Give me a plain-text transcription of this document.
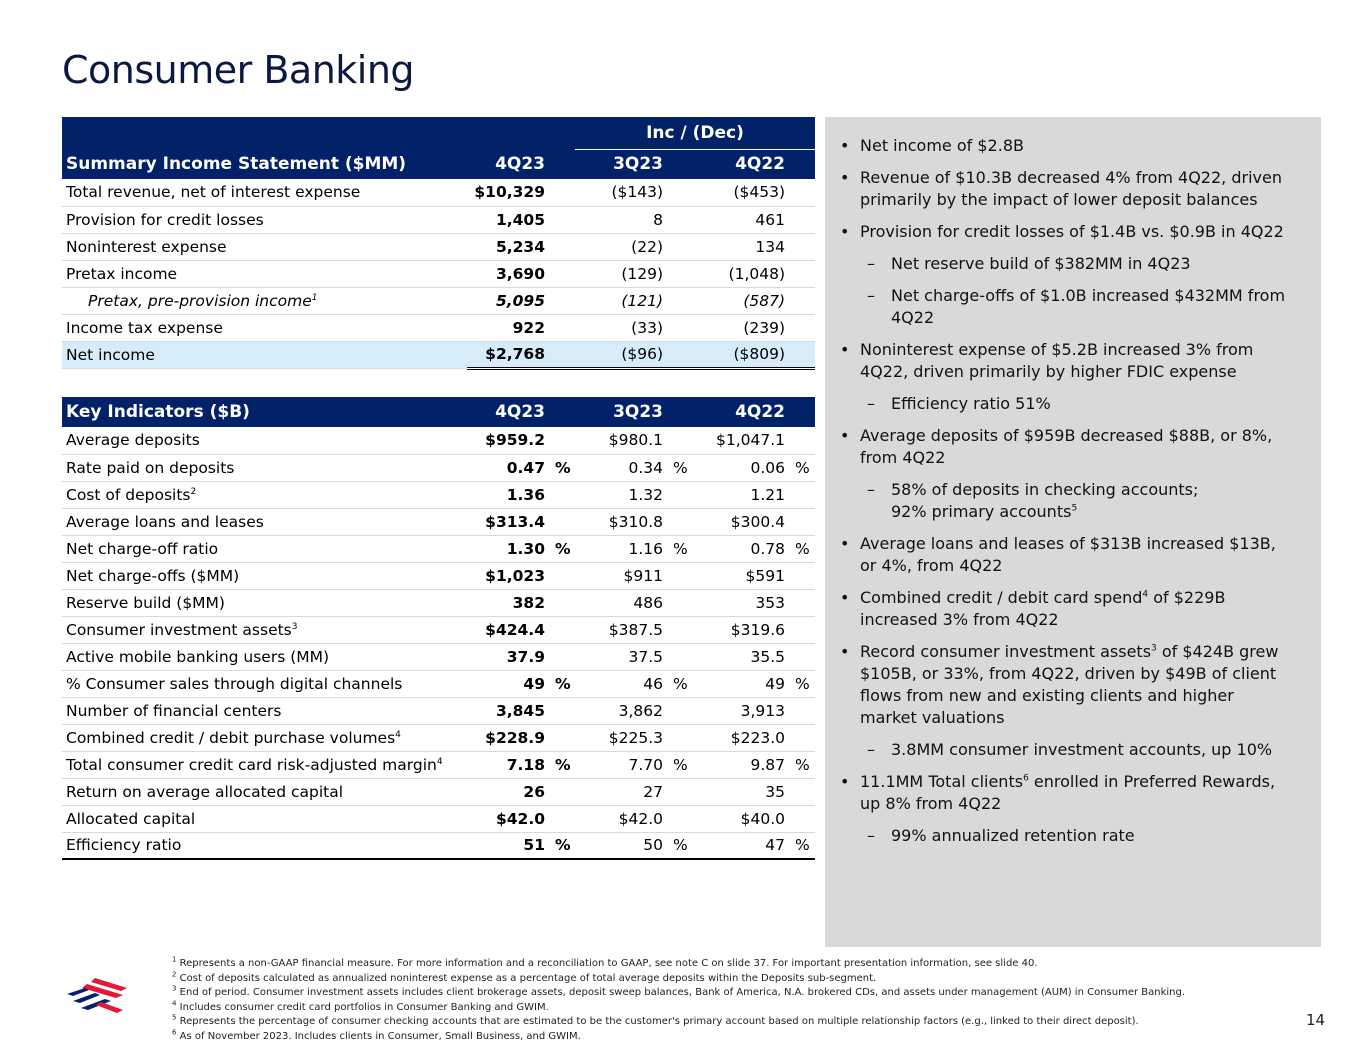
Consumer Banking
			Inc / (Dec)			
Summary Income Statement ($MM)	4Q23		3Q23		4Q22	
Total revenue, net of interest expense	$10,329		($143)		($453)	
Provision for credit losses	1,405		8		461	
Noninterest expense	5,234		(22)		134	
Pretax income	3,690		(129)		(1,048)	
Pretax, pre-provision income$^1$	5,095		(121)		(587)	
Income tax expense	922		(33)		(239)	
Net income	$2,768		($96)		($809)	
Key Indicators ($B)	4Q23		3Q23		4Q22	
Average deposits	$959.2		$980.1		$1,047.1	
Rate paid on deposits	0.47	%	0.34	%	0.06	%
Cost of deposits$^2$	1.36		1.32		1.21	
Average loans and leases	$313.4		$310.8		$300.4	
Net charge-off ratio	1.30	%	1.16	%	0.78	%
Net charge-offs ($MM)	$1,023		$911		$591	
Reserve build ($MM)	382		486		353	
Consumer investment assets$^3$	$424.4		$387.5		$319.6	
Active mobile banking users (MM)	37.9		37.5		35.5	
% Consumer sales through digital channels	49	%	46	%	49	%
Number of financial centers	3,845		3,862		3,913	
Combined credit / debit purchase volumes$^4$	$228.9		$225.3		$223.0	
Total consumer credit card risk-adjusted margin$^4$	7.18	%	7.70	%	9.87	%
Return on average allocated capital	26		27		35	
Allocated capital	$42.0		$42.0		$40.0	
Efficiency ratio	51	%	50	%	47	%
• Net income of $2.8B
• Revenue of $10.3B decreased 4% from 4Q22, driven primarily by the impact of lower deposit balances
• Provision for credit losses of $1.4B vs. $0.9B in 4Q22
– Net reserve build of $382MM in 4Q23
– Net charge-offs of $1.0B increased $432MM from 4Q22
• Noninterest expense of $5.2B increased 3% from 4Q22, driven primarily by higher FDIC expense
– Efficiency ratio 51%
• Average deposits of $959B decreased $88B, or 8%, from 4Q22
– 58% of deposits in checking accounts;
92% primary accounts$^5$
• Average loans and leases of $313B increased $13B, or 4%, from 4Q22
• Combined credit / debit card spend$^4$ of $229B increased 3% from 4Q22
• Record consumer investment assets$^3$ of $424B grew $105B, or 33%, from 4Q22, driven by $49B of client flows from new and existing clients and higher market valuations
– 3.8MM consumer investment accounts, up 10%
• 11.1MM Total clients$^6$ enrolled in Preferred Rewards, up 8% from 4Q22
– 99% annualized retention rate
$^1$ Represents a non-GAAP financial measure. For more information and a reconciliation to GAAP, see note C on slide 37. For important presentation information, see slide 40.
$^2$ Cost of deposits calculated as annualized noninterest expense as a percentage of total average deposits within the Deposits sub-segment.
$^3$ End of period. Consumer investment assets includes client brokerage assets, deposit sweep balances, Bank of America, N.A. brokered CDs, and assets under management (AUM) in Consumer Banking.
$^4$ Includes consumer credit card portfolios in Consumer Banking and GWIM.
$^5$ Represents the percentage of consumer checking accounts that are estimated to be the customer's primary account based on multiple relationship factors (e.g., linked to their direct deposit).
$^6$ As of November 2023. Includes clients in Consumer, Small Business, and GWIM.
14
